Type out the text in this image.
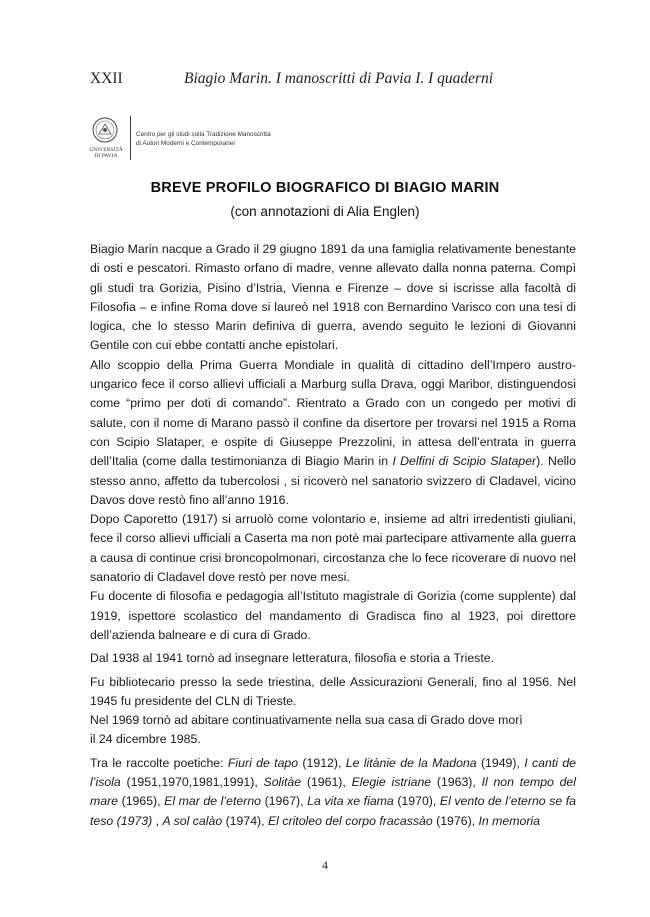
XXII	Biagio Marin. I manoscritti di Pavia I. I quaderni
UNIVERSITÀ DI PAVIA
Centro per gli studi sulla Tradizione Manoscritta
di Autori Moderni e Contemporanei
BREVE PROFILO BIOGRAFICO DI BIAGIO MARIN
(con annotazioni di Alia Englen)

Biagio Marin nacque a Grado il 29 giugno 1891 da una famiglia relativamente benestante di osti e pescatori. Rimasto orfano di madre, venne allevato dalla nonna paterna. Compì gli studi tra Gorizia, Pisino d’Istria, Vienna e Firenze – dove si iscrisse alla facoltà di Filosofia – e infine Roma dove si laureò nel 1918 con Bernardino Varisco con una tesi di logica, che lo stesso Marin definiva di guerra, avendo seguito le lezioni di Giovanni Gentile con cui ebbe contatti anche epistolari.

Allo scoppio della Prima Guerra Mondiale in qualità di cittadino dell’Impero austro-ungarico fece il corso allievi ufficiali a Marburg sulla Drava, oggi Maribor, distinguendosi come “primo per doti di comando”. Rientrato a Grado con un congedo per motivi di salute, con il nome di Marano passò il confine da disertore per trovarsi nel 1915 a Roma con Scipio Slataper, e ospite di Giuseppe Prezzolini, in attesa dell’entrata in guerra dell’Italia (come dalla testimonianza di Biagio Marin in I Delfini di Scipio Slataper). Nello stesso anno, affetto da tubercolosi , si ricoverò nel sanatorio svizzero di Cladavel, vicino Davos dove restò fino all’anno 1916.

Dopo Caporetto (1917) si arruolò come volontario e, insieme ad altri irredentisti giuliani, fece il corso allievi ufficiali a Caserta ma non potè mai partecipare attivamente alla guerra a causa di continue crisi broncopolmonari, circostanza che lo fece ricoverare di nuovo nel sanatorio di Cladavel dove restò per nove mesi.

Fu docente di filosofia e pedagogia all’Istituto magistrale di Gorizia (come supplente) dal 1919, ispettore scolastico del mandamento di Gradisca fino al 1923, poi direttore dell’azienda balneare e di cura di Grado.

Dal 1938 al 1941 tornò ad insegnare letteratura, filosofia e storia a Trieste.

Fu bibliotecario presso la sede triestina, delle Assicurazioni Generali, fino al 1956. Nel 1945 fu presidente del CLN di Trieste.

Nel 1969 tornò ad abitare continuativamente nella sua casa di Grado dove morì
il 24 dicembre 1985.

Tra le raccolte poetiche: Fiuri de tapo (1912), Le litànie de la Madona (1949), I canti de l’isola (1951,1970,1981,1991), Solitàe (1961), Elegie istriane (1963), Il non tempo del mare (1965), El mar de l’eterno (1967), La vita xe fiama (1970), El vento de l’eterno se fa teso (1973) , A sol calào (1974), El critoleo del corpo fracassào (1976), In memoria

4
